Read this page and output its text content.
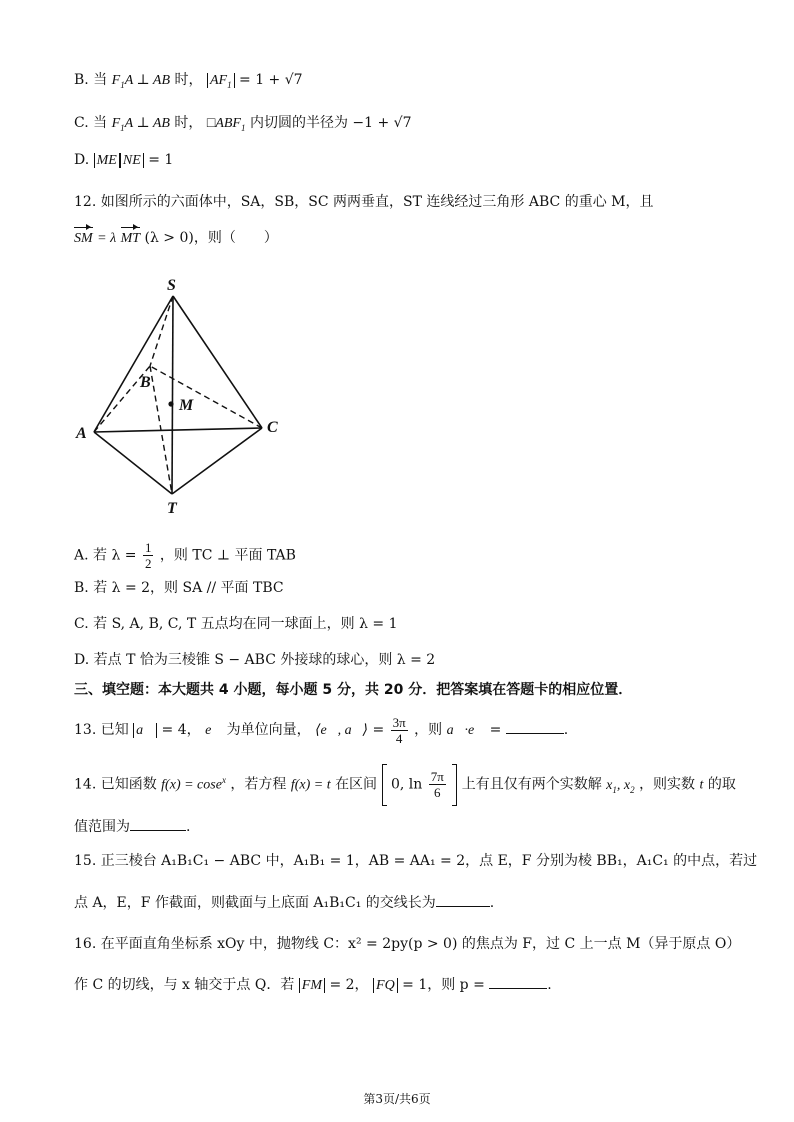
B. 当 $F_1A$ ⊥ AB 时， $AF_1 = 1 + √7$
C. 当 $F_1A$ ⊥ AB 时， $□ABF_1$ 内切圆的半径为 −1 + √7
D. ME NE = 1
12. 如图所示的六面体中，SA，SB，SC 两两垂直，ST 连线经过三角形 ABC 的重心 M，且
SM = λ MT (λ > 0)，则（　　）
S
B
M
A	C
T
A. 若 $\lambda = \frac{1}{2}$ ，则 TC ⊥ 平面 TAB
B. 若 λ = 2，则 SA // 平面 TBC
C. 若 S, A, B, C, T 五点均在同一球面上，则 λ = 1
D. 若点 T 恰为三棱锥 S − ABC 外接球的球心，则 λ = 2
三、填空题：本大题共 4 小题，每小题 5 分，共 20 分．把答案填在答题卡的相应位置．
13. 已知 a⃗ = 4， e⃗ 为单位向量， ⟨e⃗, a⃗⟩ = $\frac{3\pi}{4}$ ，则 a⃗·e⃗ =	.
14. 已知函数 f(x) = cose$^x$ ，若方程 f(x) = t 在区间 0, $\ln \frac{7\pi}{6}$ 上有且仅有两个实数解 $x_1$, $x_2$ ，则实数 t 的取
值范围为	.
15. 正三棱台 A₁B₁C₁ − ABC 中，A₁B₁ = 1，AB = AA₁ = 2，点 E，F 分别为棱 BB₁，A₁C₁ 的中点，若过
点 A，E，F 作截面，则截面与上底面 A₁B₁C₁ 的交线长为	.
16. 在平面直角坐标系 xOy 中，抛物线 C：x² = 2py(p > 0) 的焦点为 F，过 C 上一点 M（异于原点 O）
作 C 的切线，与 x 轴交于点 Q．若 FM = 2， FQ = 1，则 p =	.
第3页/共6页
